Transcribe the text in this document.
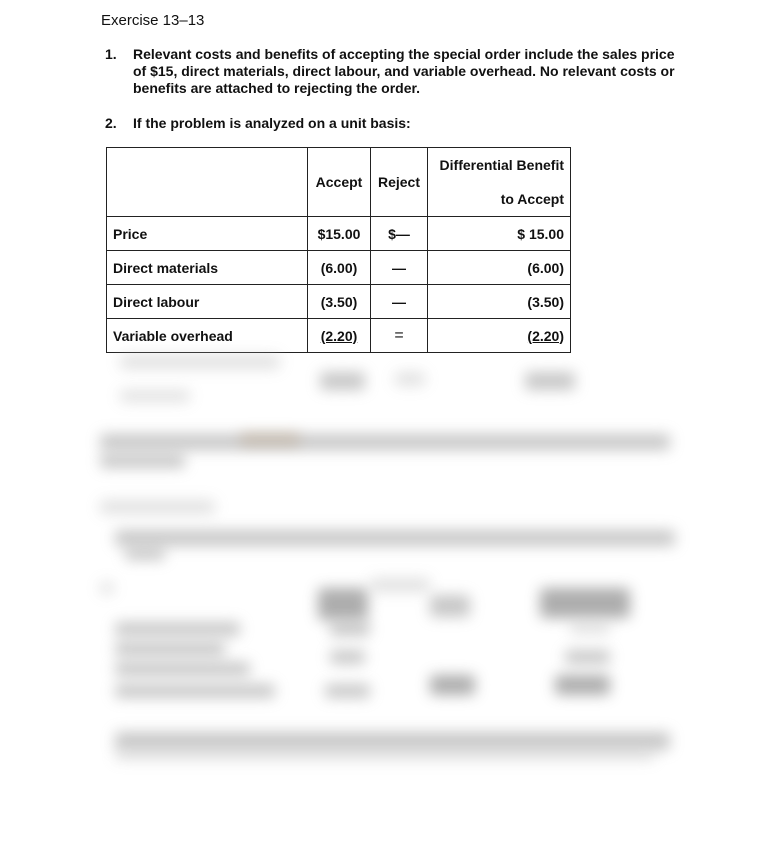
Exercise 13–13
1. Relevant costs and benefits of accepting the special order include the sales price of $15, direct materials, direct labour, and variable overhead. No relevant costs or benefits are attached to rejecting the order.
2. If the problem is analyzed on a unit basis:
	Accept	Reject	Differential Benefit
to Accept

Price	$15.00	$—	$ 15.00
Direct materials	(6.00)	—	(6.00)
Direct labour	(3.50)	—	(3.50)
Variable overhead	(2.20)	=	(2.20)
